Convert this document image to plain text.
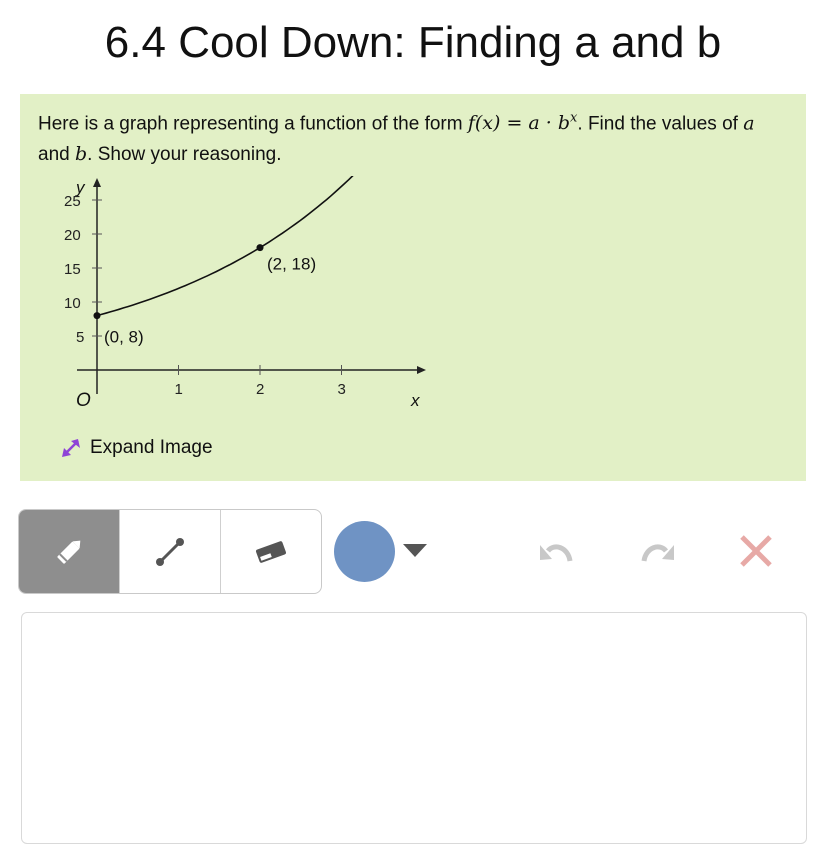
6.4 Cool Down: Finding a and b
Here is a graph representing a function of the form $f(x) = a \cdot b^x$. Find the values of a
and b. Show your reasoning.
y
x
O
1	2	3
5
10
15
20
25
(0, 8)
(2, 18)
Expand Image
